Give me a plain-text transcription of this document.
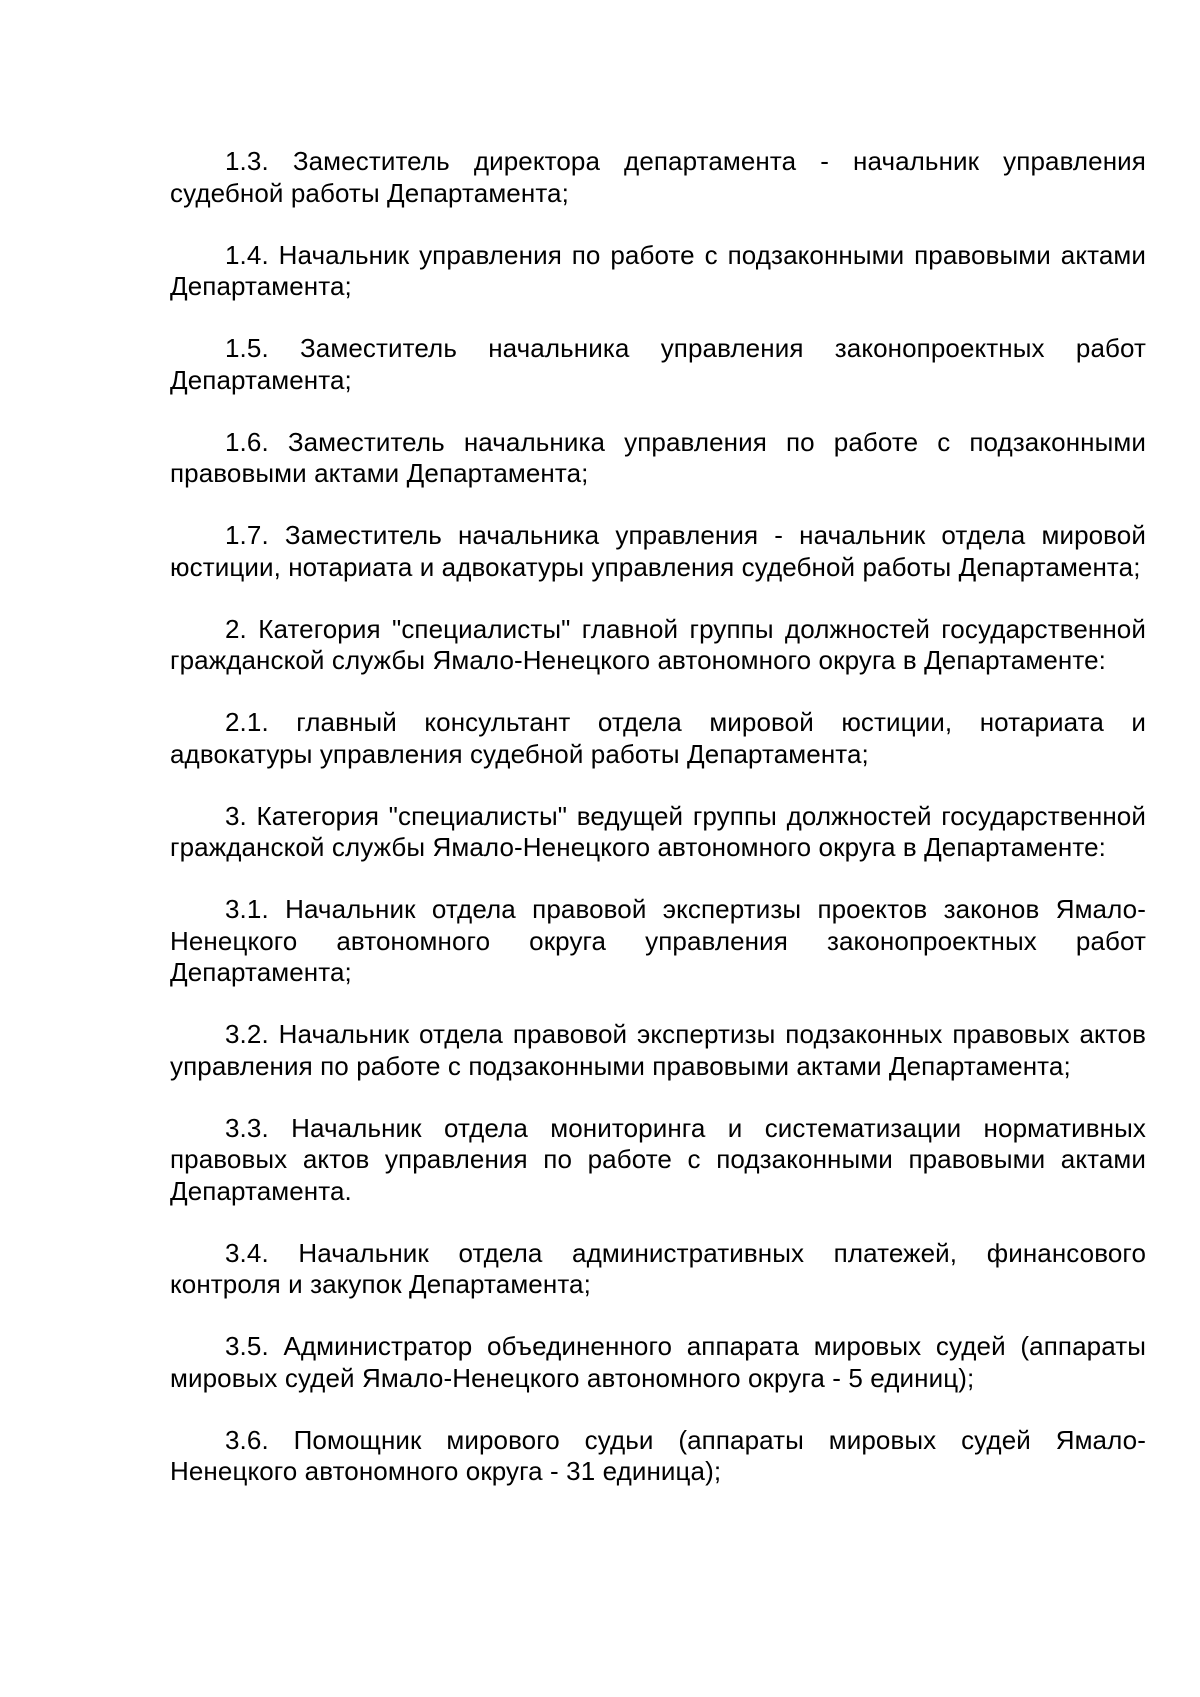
1.3. Заместитель директора департамента - начальник управления судебной работы Департамента;

1.4. Начальник управления по работе с подзаконными правовыми актами Департамента;

1.5. Заместитель начальника управления законопроектных работ Департамента;

1.6. Заместитель начальника управления по работе с подзаконными правовыми актами Департамента;

1.7. Заместитель начальника управления - начальник отдела мировой юстиции, нотариата и адвокатуры управления судебной работы Департамента;

2. Категория "специалисты" главной группы должностей государственной гражданской службы Ямало-Ненецкого автономного округа в Департаменте:

2.1. главный консультант отдела мировой юстиции, нотариата и адвокатуры управления судебной работы Департамента;

3. Категория "специалисты" ведущей группы должностей государственной гражданской службы Ямало-Ненецкого автономного округа в Департаменте:

3.1. Начальник отдела правовой экспертизы проектов законов Ямало-Ненецкого автономного округа управления законопроектных работ Департамента;

3.2. Начальник отдела правовой экспертизы подзаконных правовых актов управления по работе с подзаконными правовыми актами Департамента;

3.3. Начальник отдела мониторинга и систематизации нормативных правовых актов управления по работе с подзаконными правовыми актами Департамента.

3.4. Начальник отдела административных платежей, финансового контроля и закупок Департамента;

3.5. Администратор объединенного аппарата мировых судей (аппараты мировых судей Ямало-Ненецкого автономного округа - 5 единиц);

3.6. Помощник мирового судьи (аппараты мировых судей Ямало-Ненецкого автономного округа - 31 единица);
